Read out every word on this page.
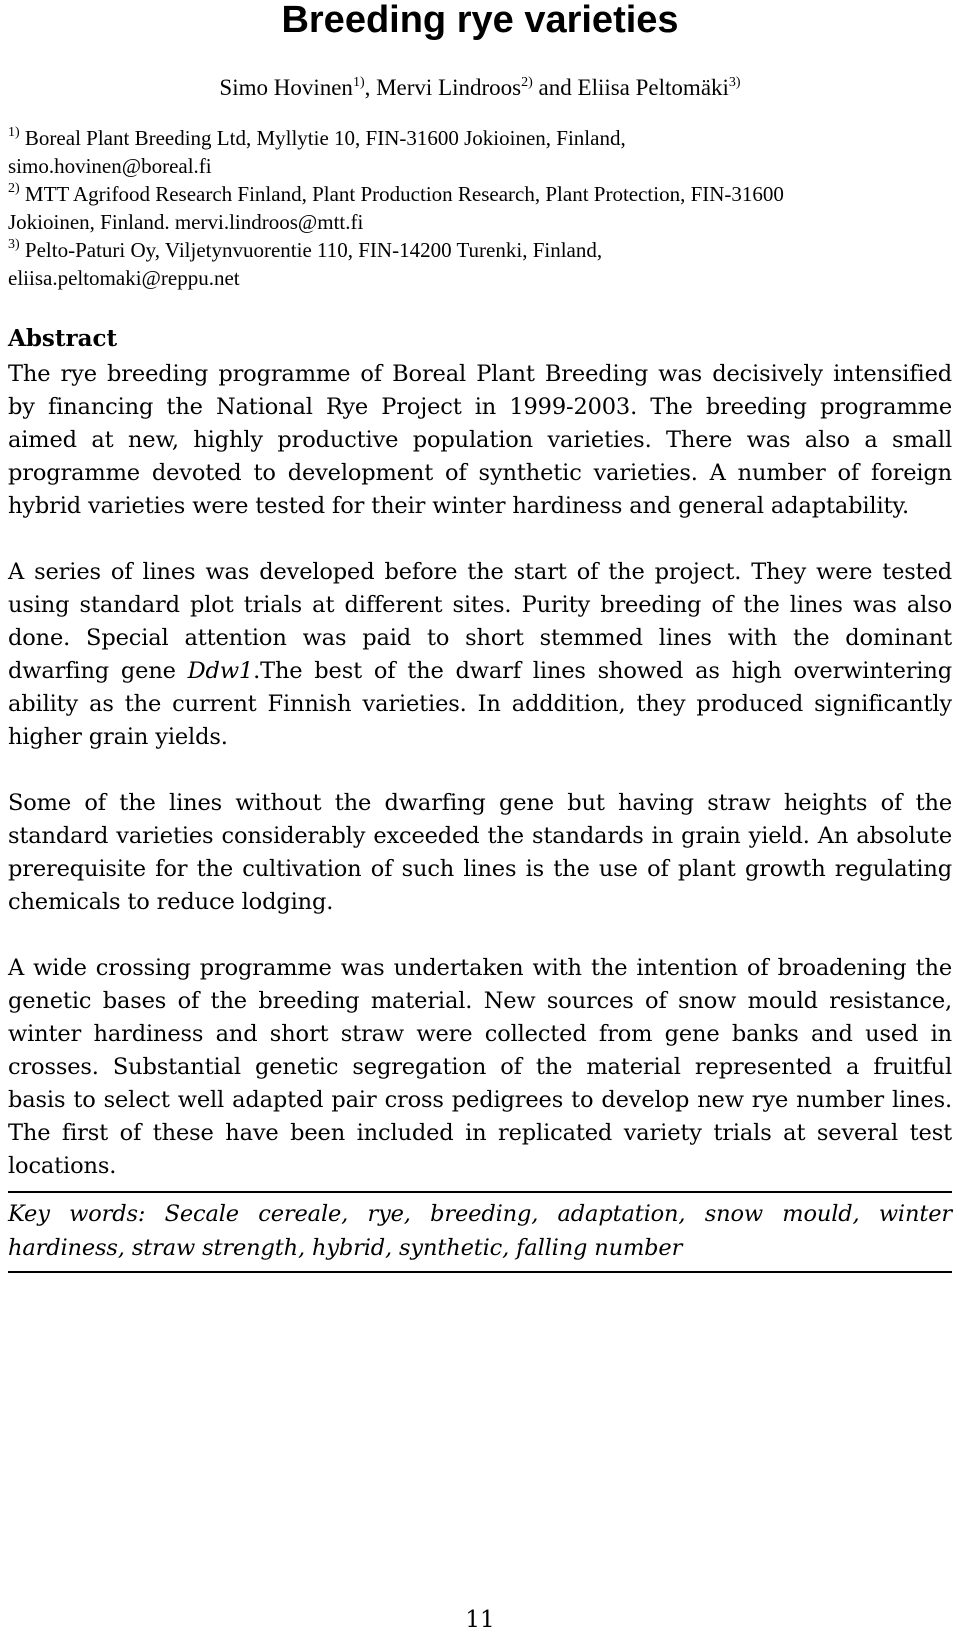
Breeding rye varieties
Simo Hovinen$^{1)}$, Mervi Lindroos$^{2)}$ and Eliisa Peltomäki$^{3)}$

$^{1)}$ Boreal Plant Breeding Ltd, Myllytie 10, FIN-31600 Jokioinen, Finland,

simo.hovinen@boreal.fi

$^{2)}$ MTT Agrifood Research Finland, Plant Production Research, Plant Protection, FIN-31600

Jokioinen, Finland. mervi.lindroos@mtt.fi

$^{3)}$ Pelto-Paturi Oy, Viljetynvuorentie 110, FIN-14200 Turenki, Finland,

eliisa.peltomaki@reppu.net

Abstract

The rye breeding programme of Boreal Plant Breeding was decisively intensified by financing the National Rye Project in 1999-2003. The breeding programme aimed at new, highly productive population varieties. There was also a small programme devoted to development of synthetic varieties. A number of foreign hybrid varieties were tested for their winter hardiness and general adaptability.

A series of lines was developed before the start of the project. They were tested using standard plot trials at different sites. Purity breeding of the lines was also done. Special attention was paid to short stemmed lines with the dominant dwarfing gene Ddw1.The best of the dwarf lines showed as high overwintering ability as the current Finnish varieties. In adddition, they produced significantly higher grain yields.

Some of the lines without the dwarfing gene but having straw heights of the standard varieties considerably exceeded the standards in grain yield. An absolute prerequisite for the cultivation of such lines is the use of plant growth regulating chemicals to reduce lodging.

A wide crossing programme was undertaken with the intention of broadening the genetic bases of the breeding material. New sources of snow mould resistance, winter hardiness and short straw were collected from gene banks and used in crosses. Substantial genetic segregation of the material represented a fruitful basis to select well adapted pair cross pedigrees to develop new rye number lines. The first of these have been included in replicated variety trials at several test locations.

Key words: Secale cereale, rye, breeding, adaptation, snow mould, winter hardiness, straw strength, hybrid, synthetic, falling number
11
